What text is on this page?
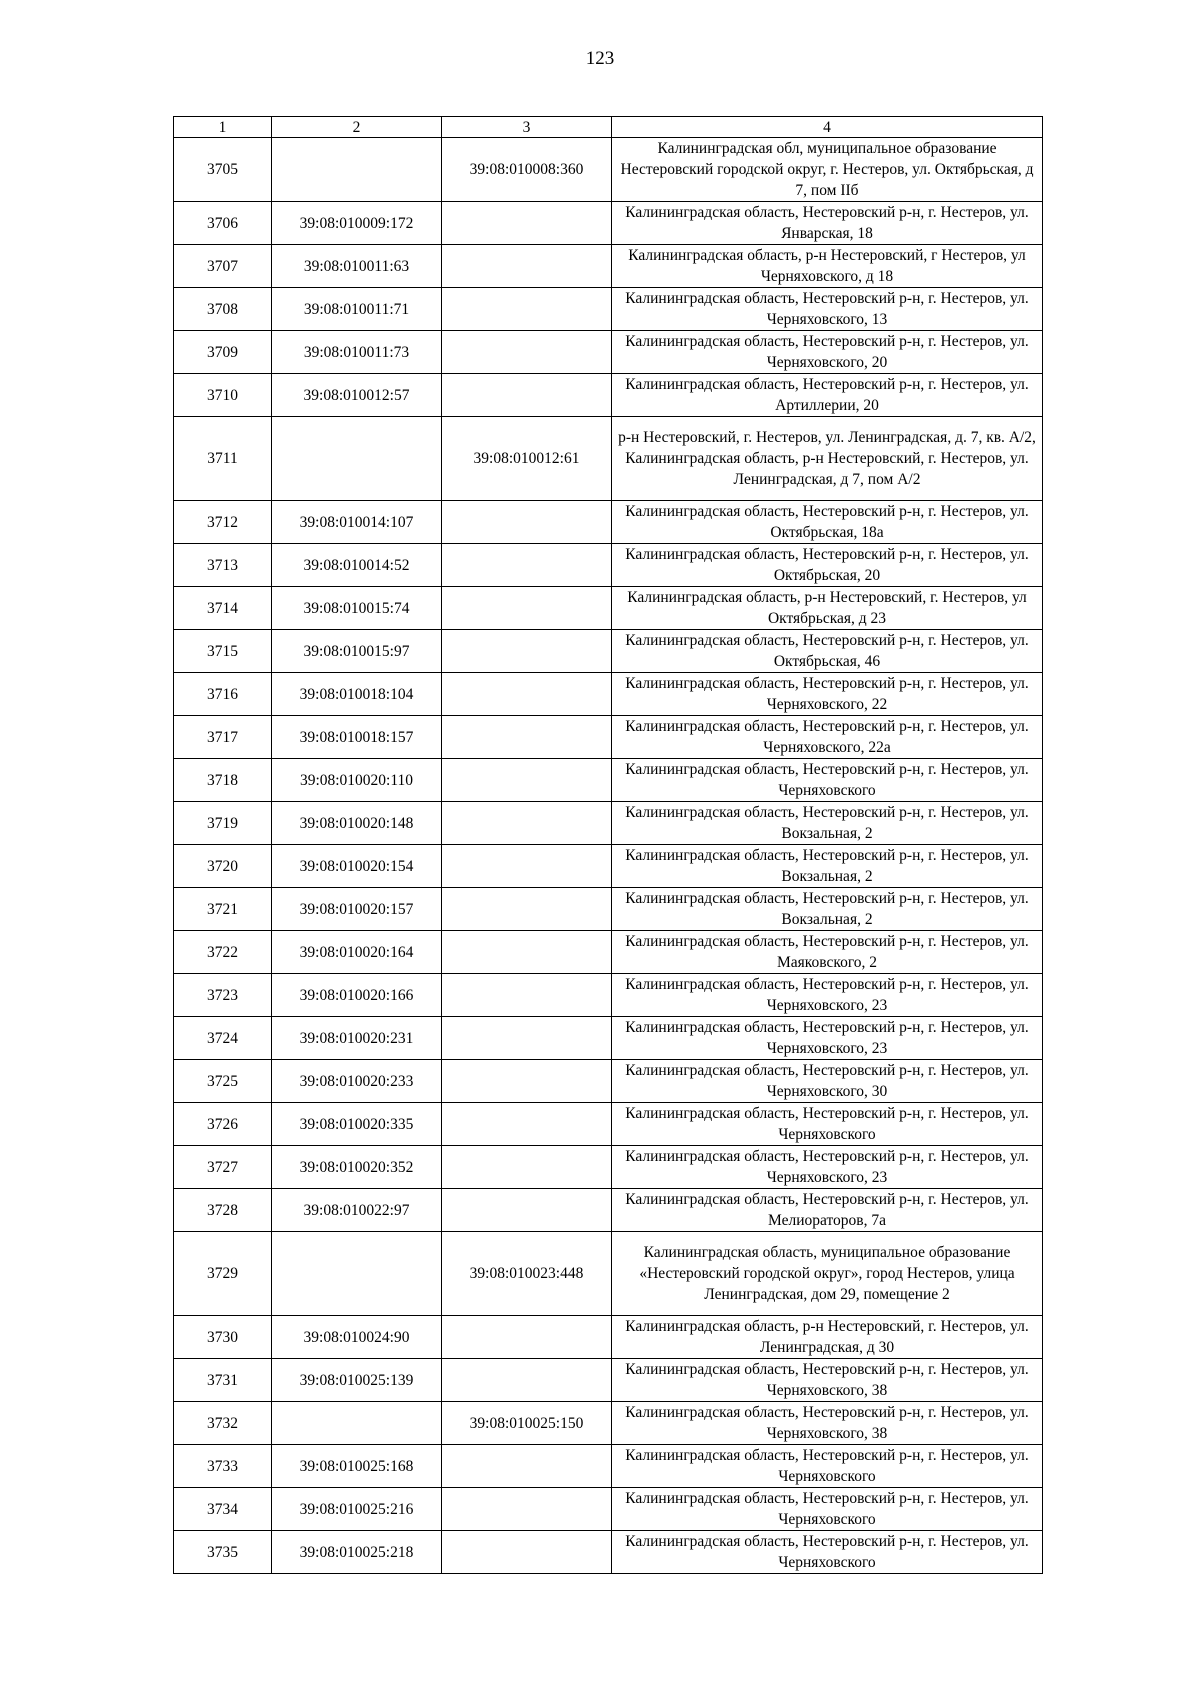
123
1	2	3	4
3705		39:08:010008:360	Калининградская обл, муниципальное образование Нестеровский городской округ, г. Нестеров, ул. Октябрьская, д 7, пом IIб
3706	39:08:010009:172		Калининградская область, Нестеровский р-н, г. Нестеров, ул. Январская, 18
3707	39:08:010011:63		Калининградская область, р-н Нестеровский, г Нестеров, ул Черняховского, д 18
3708	39:08:010011:71		Калининградская область, Нестеровский р-н, г. Нестеров, ул. Черняховского, 13
3709	39:08:010011:73		Калининградская область, Нестеровский р-н, г. Нестеров, ул. Черняховского, 20
3710	39:08:010012:57		Калининградская область, Нестеровский р-н, г. Нестеров, ул. Артиллерии, 20
3711		39:08:010012:61	р-н Нестеровский, г. Нестеров, ул. Ленинградская, д. 7, кв. А/2, Калининградская область, р-н Нестеровский, г. Нестеров, ул. Ленинградская, д 7, пом А/2
3712	39:08:010014:107		Калининградская область, Нестеровский р-н, г. Нестеров, ул. Октябрьская, 18а
3713	39:08:010014:52		Калининградская область, Нестеровский р-н, г. Нестеров, ул. Октябрьская, 20
3714	39:08:010015:74		Калининградская область, р-н Нестеровский, г. Нестеров, ул Октябрьская, д 23
3715	39:08:010015:97		Калининградская область, Нестеровский р-н, г. Нестеров, ул. Октябрьская, 46
3716	39:08:010018:104		Калининградская область, Нестеровский р-н, г. Нестеров, ул. Черняховского, 22
3717	39:08:010018:157		Калининградская область, Нестеровский р-н, г. Нестеров, ул. Черняховского, 22а
3718	39:08:010020:110		Калининградская область, Нестеровский р-н, г. Нестеров, ул. Черняховского
3719	39:08:010020:148		Калининградская область, Нестеровский р-н, г. Нестеров, ул. Вокзальная, 2
3720	39:08:010020:154		Калининградская область, Нестеровский р-н, г. Нестеров, ул. Вокзальная, 2
3721	39:08:010020:157		Калининградская область, Нестеровский р-н, г. Нестеров, ул. Вокзальная, 2
3722	39:08:010020:164		Калининградская область, Нестеровский р-н, г. Нестеров, ул. Маяковского, 2
3723	39:08:010020:166		Калининградская область, Нестеровский р-н, г. Нестеров, ул. Черняховского, 23
3724	39:08:010020:231		Калининградская область, Нестеровский р-н, г. Нестеров, ул. Черняховского, 23
3725	39:08:010020:233		Калининградская область, Нестеровский р-н, г. Нестеров, ул. Черняховского, 30
3726	39:08:010020:335		Калининградская область, Нестеровский р-н, г. Нестеров, ул. Черняховского
3727	39:08:010020:352		Калининградская область, Нестеровский р-н, г. Нестеров, ул. Черняховского, 23
3728	39:08:010022:97		Калининградская область, Нестеровский р-н, г. Нестеров, ул. Мелиораторов, 7а
3729		39:08:010023:448	Калининградская область, муниципальное образование «Нестеровский городской округ», город Нестеров, улица Ленинградская, дом 29, помещение 2
3730	39:08:010024:90		Калининградская область, р-н Нестеровский, г. Нестеров, ул. Ленинградская, д 30
3731	39:08:010025:139		Калининградская область, Нестеровский р-н, г. Нестеров, ул. Черняховского, 38
3732		39:08:010025:150	Калининградская область, Нестеровский р-н, г. Нестеров, ул. Черняховского, 38
3733	39:08:010025:168		Калининградская область, Нестеровский р-н, г. Нестеров, ул. Черняховского
3734	39:08:010025:216		Калининградская область, Нестеровский р-н, г. Нестеров, ул. Черняховского
3735	39:08:010025:218		Калининградская область, Нестеровский р-н, г. Нестеров, ул. Черняховского
